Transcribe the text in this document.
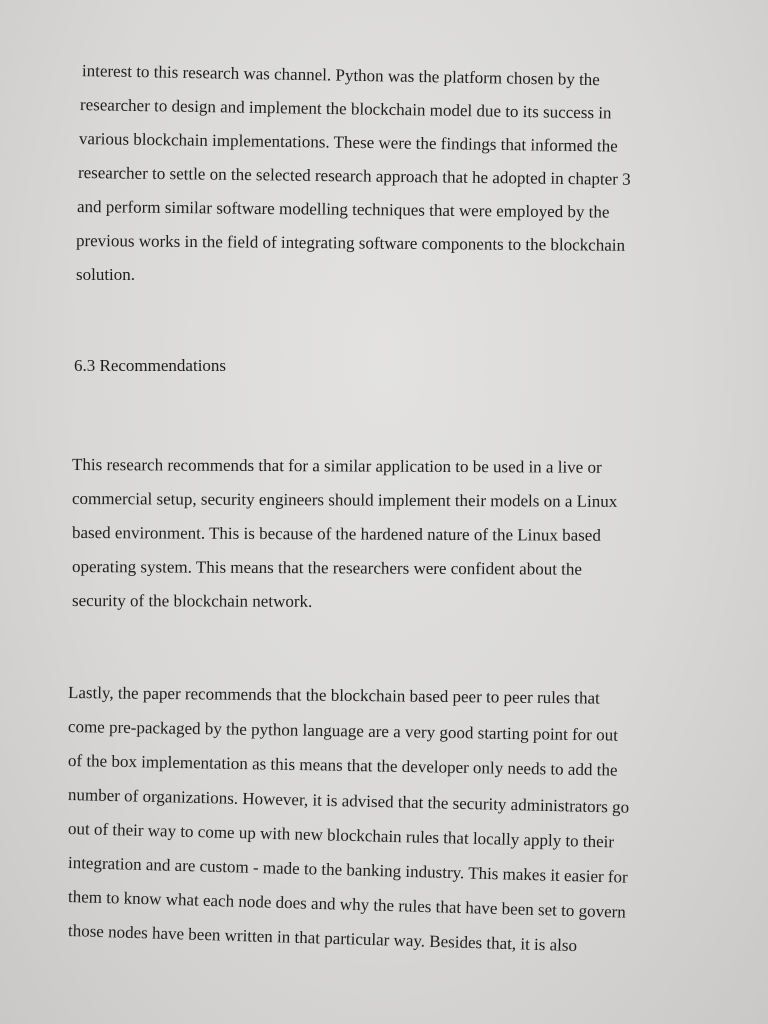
interest to this research was channel. Python was the platform chosen by the
researcher to design and implement the blockchain model due to its success in
various blockchain implementations. These were the findings that informed the
researcher to settle on the selected research approach that he adopted in chapter 3
and perform similar software modelling techniques that were employed by the
previous works in the field of integrating software components to the blockchain
solution.
6.3 Recommendations
This research recommends that for a similar application to be used in a live or
commercial setup, security engineers should implement their models on a Linux
based environment. This is because of the hardened nature of the Linux based
operating system. This means that the researchers were confident about the
security of the blockchain network.
Lastly, the paper recommends that the blockchain based peer to peer rules that
come pre-packaged by the python language are a very good starting point for out
of the box implementation as this means that the developer only needs to add the
number of organizations. However, it is advised that the security administrators go
out of their way to come up with new blockchain rules that locally apply to their
integration and are custom - made to the banking industry. This makes it easier for
them to know what each node does and why the rules that have been set to govern
those nodes have been written in that particular way. Besides that, it is also
